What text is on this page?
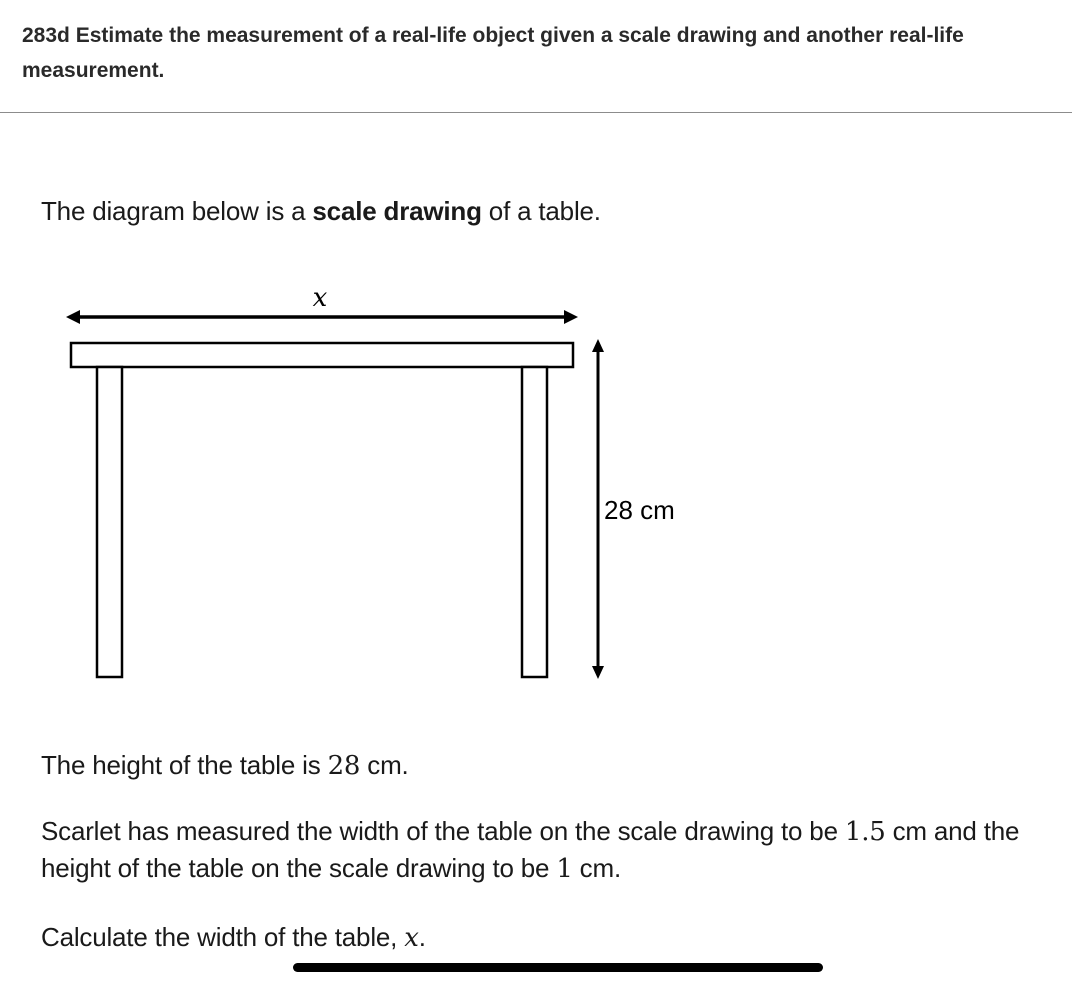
283d Estimate the measurement of a real-life object given a scale drawing and another real-life measurement.
The diagram below is a scale drawing of a table.
x
28 cm
The height of the table is 28 cm.
Scarlet has measured the width of the table on the scale drawing to be 1.5 cm and the height of the table on the scale drawing to be 1 cm.
Calculate the width of the table, x.
